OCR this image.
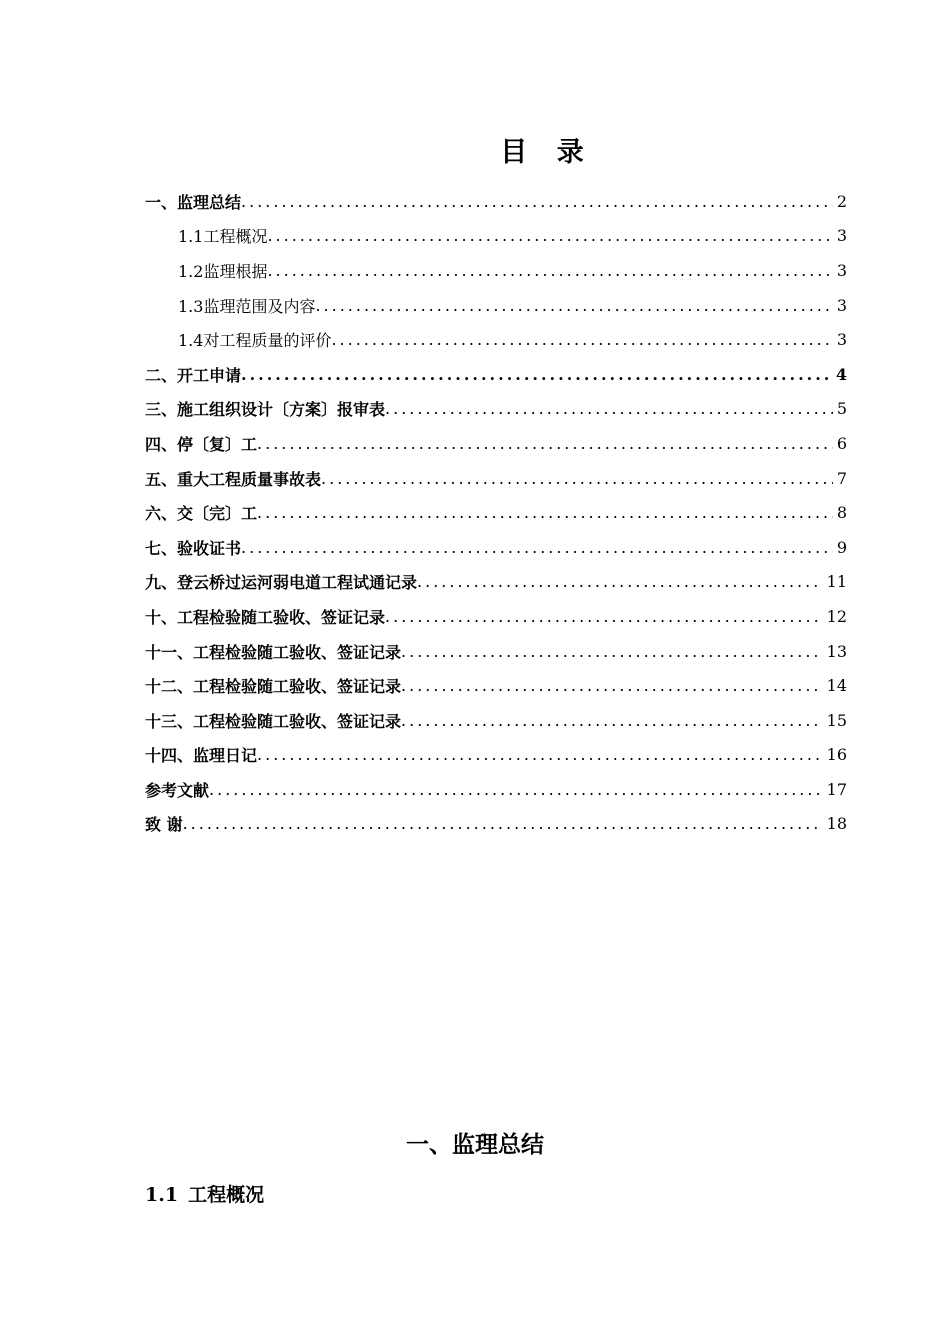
目 录
一、监理总结 .....	2
1.1工程概况 .....	3
1.2监理根据 .....	3
1.3监理范围及内容 .....	3
1.4对工程质量的评价 .....	3
二、开工申请 .....	4
三、施工组织设计〔方案〕报审表 .....	5
四、停〔复〕工 .....	6
五、重大工程质量事故表 .....	7
六、交〔完〕工 .....	8
七、验收证书 .....	9
九、登云桥过运河弱电道工程试通记录 .....	11
十、工程检验随工验收、签证记录 .....	12
十一、工程检验随工验收、签证记录 .....	13
十二、工程检验随工验收、签证记录 .....	14
十三、工程检验随工验收、签证记录 .....	15
十四、监理日记 .....	16
参考文献 .....	17
致 谢 .....	18
一、监理总结
1.1 工程概况
